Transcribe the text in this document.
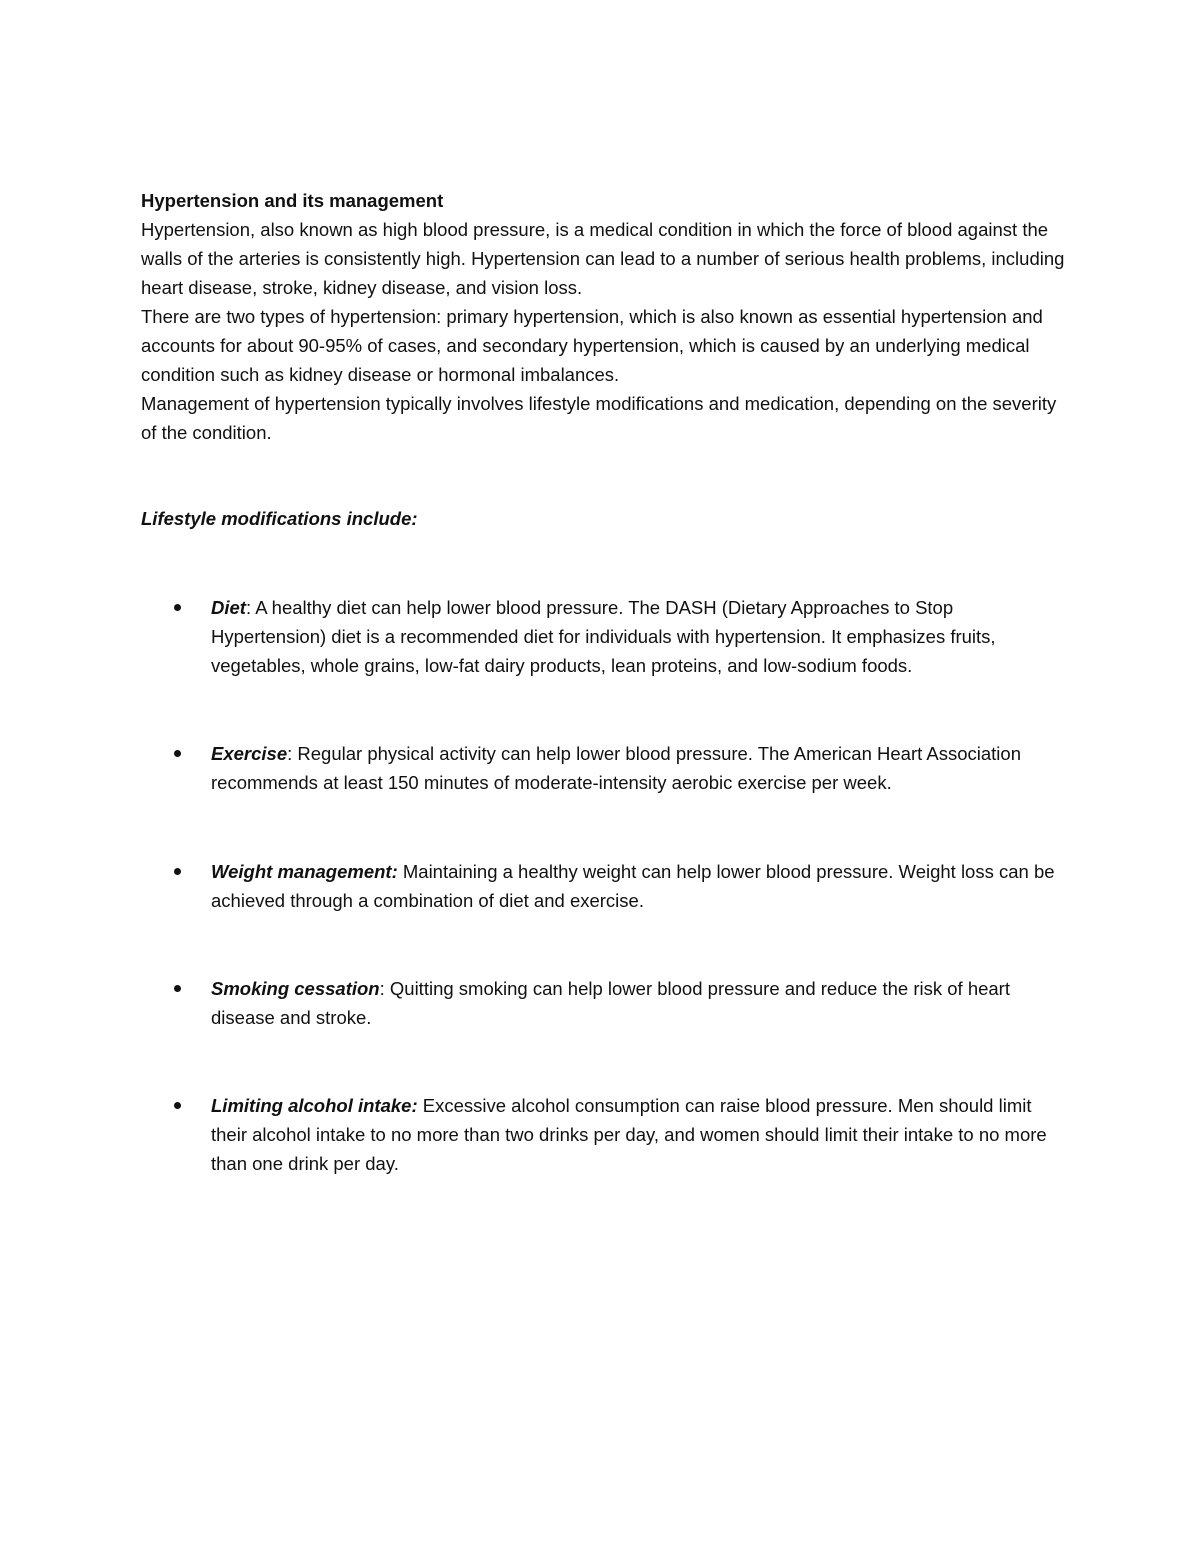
Hypertension and its management

Hypertension, also known as high blood pressure, is a medical condition in which the force of blood against the walls of the arteries is consistently high. Hypertension can lead to a number of serious health problems, including heart disease, stroke, kidney disease, and vision loss.

There are two types of hypertension: primary hypertension, which is also known as essential hypertension and accounts for about 90-95% of cases, and secondary hypertension, which is caused by an underlying medical condition such as kidney disease or hormonal imbalances.

Management of hypertension typically involves lifestyle modifications and medication, depending on the severity of the condition.

Lifestyle modifications include:

Diet: A healthy diet can help lower blood pressure. The DASH (Dietary Approaches to Stop Hypertension) diet is a recommended diet for individuals with hypertension. It emphasizes fruits, vegetables, whole grains, low-fat dairy products, lean proteins, and low-sodium foods.
Exercise: Regular physical activity can help lower blood pressure. The American Heart Association recommends at least 150 minutes of moderate-intensity aerobic exercise per week.
Weight management: Maintaining a healthy weight can help lower blood pressure. Weight loss can be achieved through a combination of diet and exercise.
Smoking cessation: Quitting smoking can help lower blood pressure and reduce the risk of heart disease and stroke.
Limiting alcohol intake: Excessive alcohol consumption can raise blood pressure. Men should limit their alcohol intake to no more than two drinks per day, and women should limit their intake to no more than one drink per day.
